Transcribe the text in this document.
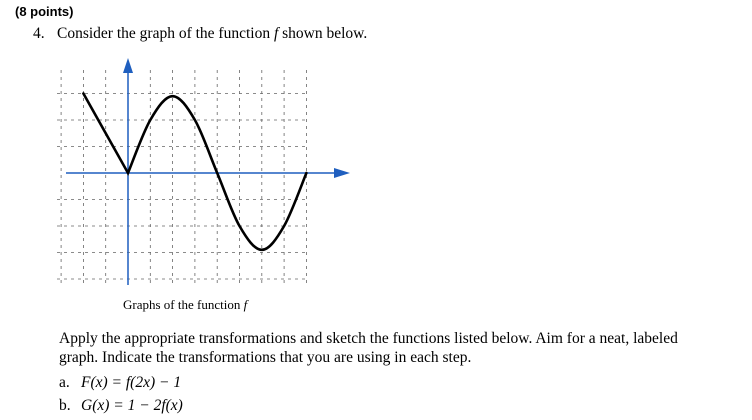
(8 points)
4. Consider the graph of the function f shown below.
Graphs of the function f
Apply the appropriate transformations and sketch the functions listed below. Aim for a neat, labeled graph. Indicate the transformations that you are using in each step.
a. F(x) = f(2x) − 1
b. G(x) = 1 − 2f(x)
